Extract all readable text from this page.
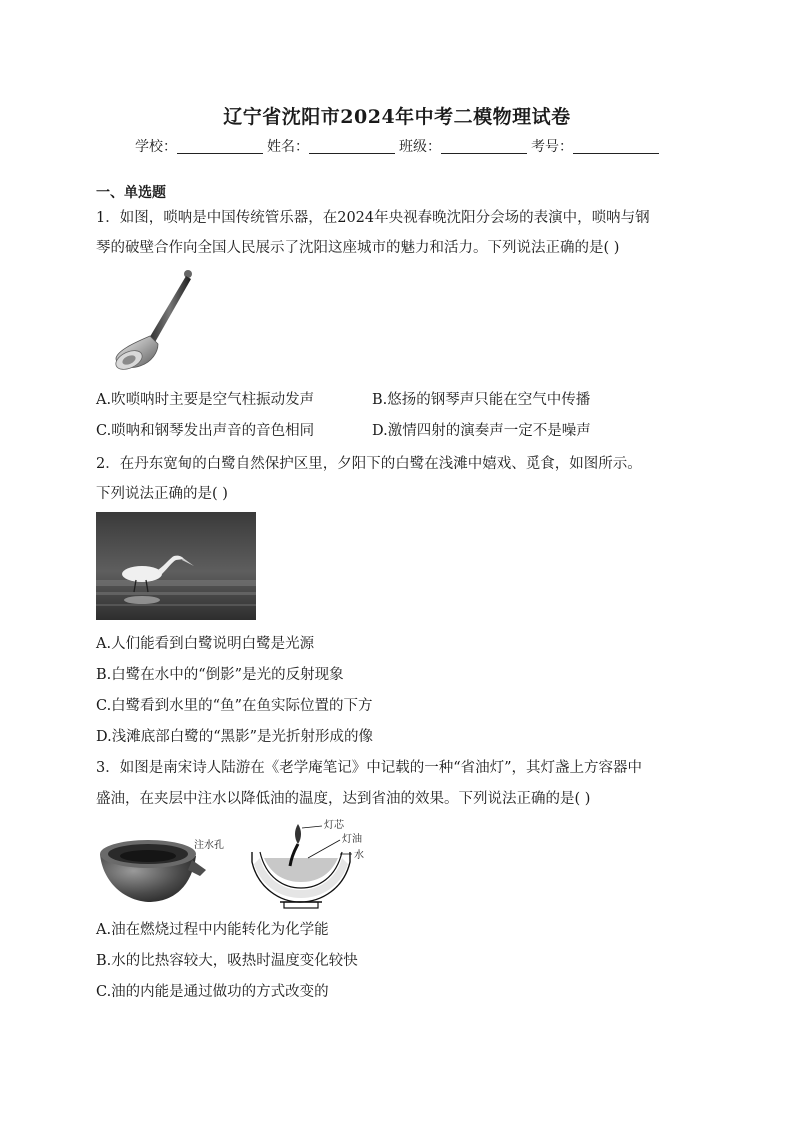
辽宁省沈阳市2024年中考二模物理试卷
学校：	姓名：	班级：	考号：
一、单选题
1．如图，唢呐是中国传统管乐器，在2024年央视春晚沈阳分会场的表演中，唢呐与钢
琴的破壁合作向全国人民展示了沈阳这座城市的魅力和活力。下列说法正确的是( )
A.吹唢呐时主要是空气柱振动发声	B.悠扬的钢琴声只能在空气中传播
C.唢呐和钢琴发出声音的音色相同	D.激情四射的演奏声一定不是噪声
2．在丹东宽甸的白鹭自然保护区里，夕阳下的白鹭在浅滩中嬉戏、觅食，如图所示。
下列说法正确的是( )
A.人们能看到白鹭说明白鹭是光源
B.白鹭在水中的“倒影”是光的反射现象
C.白鹭看到水里的“鱼”在鱼实际位置的下方
D.浅滩底部白鹭的“黑影”是光折射形成的像
3．如图是南宋诗人陆游在《老学庵笔记》中记载的一种“省油灯”，其灯盏上方容器中
盛油，在夹层中注水以降低油的温度，达到省油的效果。下列说法正确的是( )
注水孔
灯芯
灯油
水
A.油在燃烧过程中内能转化为化学能
B.水的比热容较大，吸热时温度变化较快
C.油的内能是通过做功的方式改变的
